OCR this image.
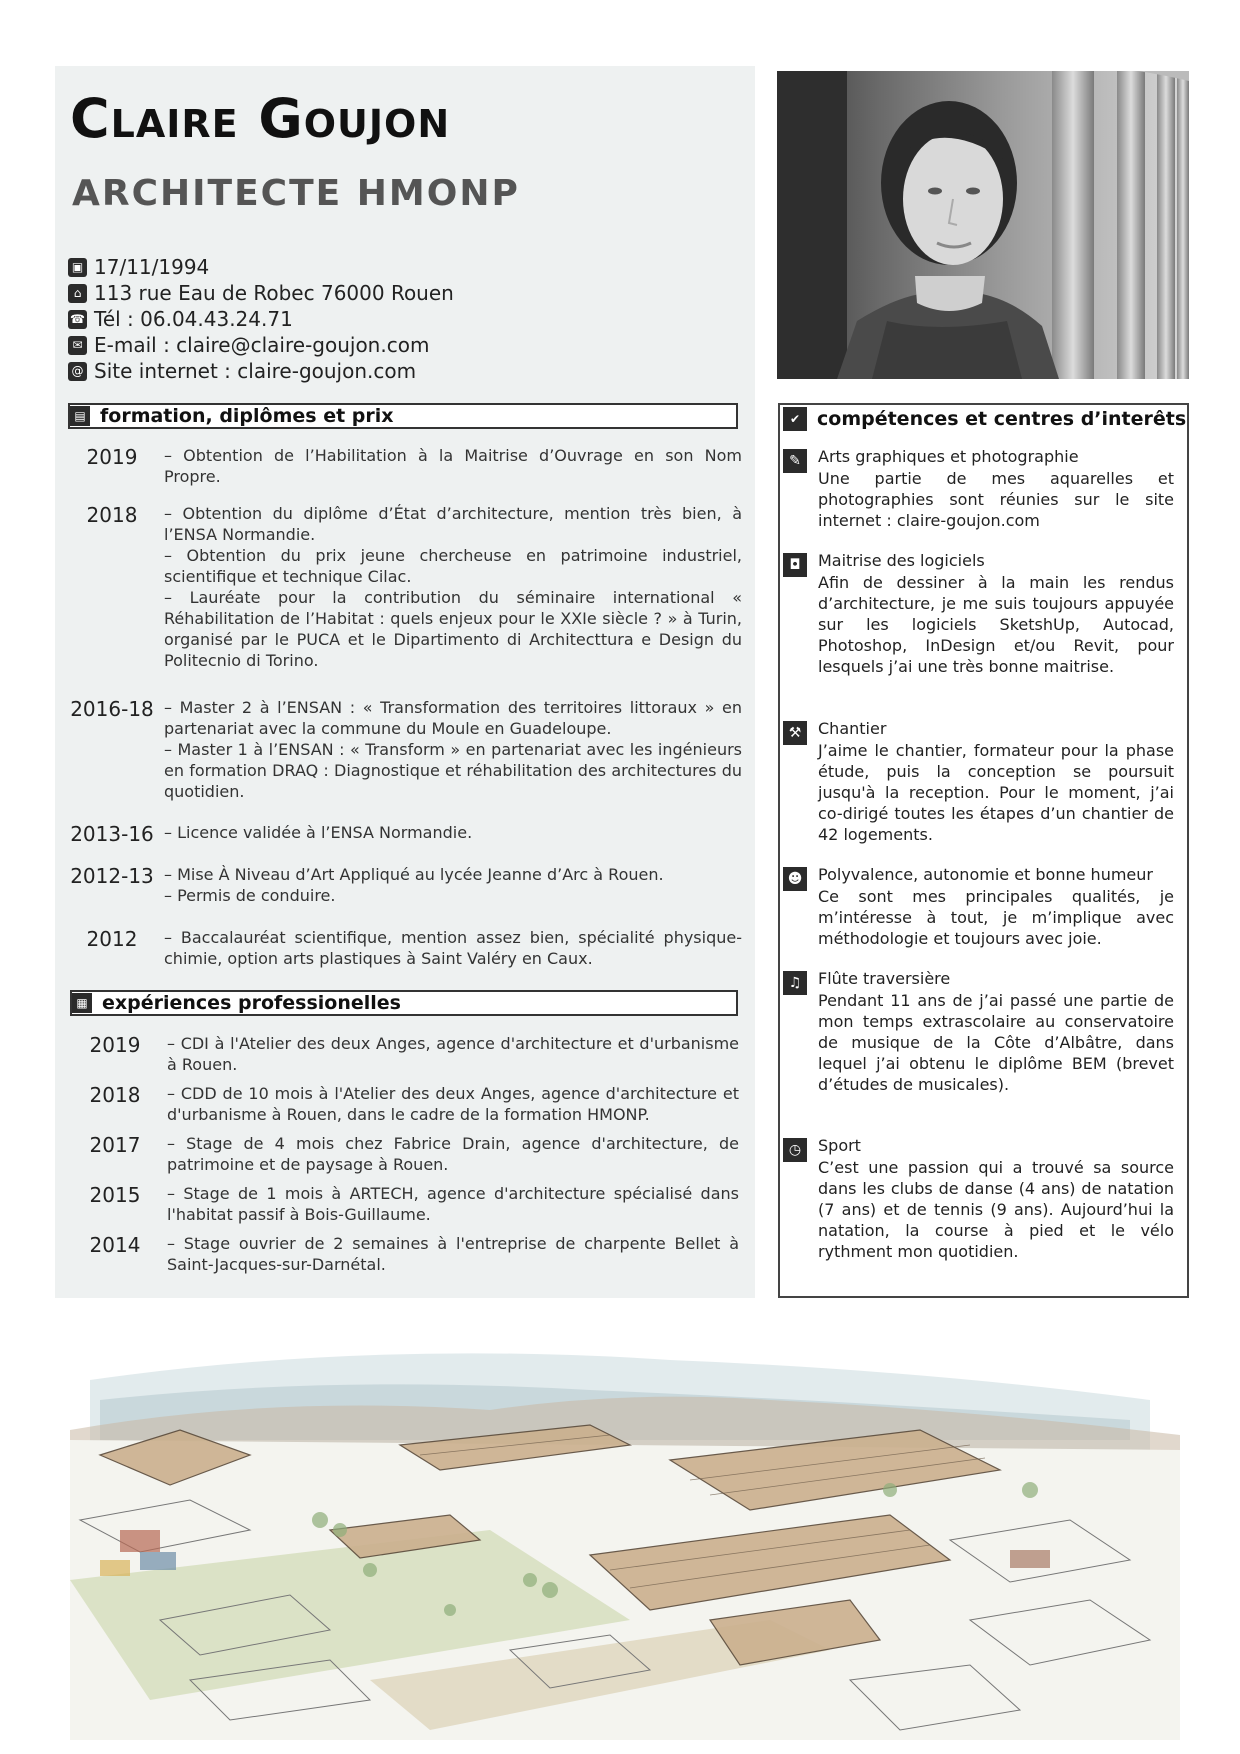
Claire Goujon
ARCHITECTE HMONP
▣ 17/11/1994
⌂ 113 rue Eau de Robec 76000 Rouen
☎ Tél : 06.04.43.24.71
✉ E-mail : claire@claire-goujon.com
@ Site internet : claire-goujon.com
▤ formation, diplômes et prix
2019	– Obtention de l’Habilitation à la Maitrise d’Ouvrage en son Nom Propre.

2018	– Obtention du diplôme d’État d’architecture, mention très bien, à l’ENSA Normandie.

– Obtention du prix jeune chercheuse en patrimoine industriel, scientifique et technique Cilac.

– Lauréate pour la contribution du séminaire international « Réhabilitation de l’Habitat : quels enjeux pour le XXIe siècle ? » à Turin, organisé par le PUCA et le Dipartimento di Architecttura e Design du Politecnio di Torino.

2016-18 – Master 2 à l’ENSAN : « Transformation des territoires littoraux » en partenariat avec la commune du Moule en Guadeloupe.

– Master 1 à l’ENSAN : « Transform » en partenariat avec les ingénieurs en formation DRAQ : Diagnostique et réhabilitation des architectures du quotidien.

2013-16 – Licence validée à l’ENSA Normandie.

2012-13 – Mise À Niveau d’Art Appliqué au lycée Jeanne d’Arc à Rouen.

– Permis de conduire.

2012	– Baccalauréat scientifique, mention assez bien, spécialité physique-chimie, option arts plastiques à Saint Valéry en Caux.

▦ expériences professionelles
2019	– CDI à l'Atelier des deux Anges, agence d'architecture et d'urbanisme à Rouen.

2018	– CDD de 10 mois à l'Atelier des deux Anges, agence d'architecture et d'urbanisme à Rouen, dans le cadre de la formation HMONP.

2017	– Stage de 4 mois chez Fabrice Drain, agence d'architecture, de patrimoine et de paysage à Rouen.

2015	– Stage de 1 mois à ARTECH, agence d'architecture spécialisé dans l'habitat passif à Bois-Guillaume.

2014	– Stage ouvrier de 2 semaines à l'entreprise de charpente Bellet à Saint-Jacques-sur-Darnétal.

✔ compétences et centres d’interêts
✎	Arts graphiques et photographie

Une partie de mes aquarelles et photographies sont réunies sur le site internet : claire-goujon.com

◘	Maitrise des logiciels

Afin de dessiner à la main les rendus d’architecture, je me suis toujours appuyée sur les logiciels SketshUp, Autocad, Photoshop, InDesign et/ou Revit, pour lesquels j’ai une très bonne maitrise.

⚒	Chantier

J’aime le chantier, formateur pour la phase étude, puis la conception se poursuit jusqu'à la reception. Pour le moment, j’ai co-dirigé toutes les étapes d’un chantier de 42 logements.

☻ Polyvalence, autonomie et bonne humeur

Ce sont mes principales qualités, je m’intéresse à tout, je m’implique avec méthodologie et toujours avec joie.

♫	Flûte traversière

Pendant 11 ans de j’ai passé une partie de mon temps extrascolaire au conservatoire de musique de la Côte d’Albâtre, dans lequel j’ai obtenu le diplôme BEM (brevet d’études de musicales).

◷	Sport

C’est une passion qui a trouvé sa source dans les clubs de danse (4 ans) de natation (7 ans) et de tennis (9 ans). Aujourd’hui la natation, la course à pied et le vélo rythment mon quotidien.
